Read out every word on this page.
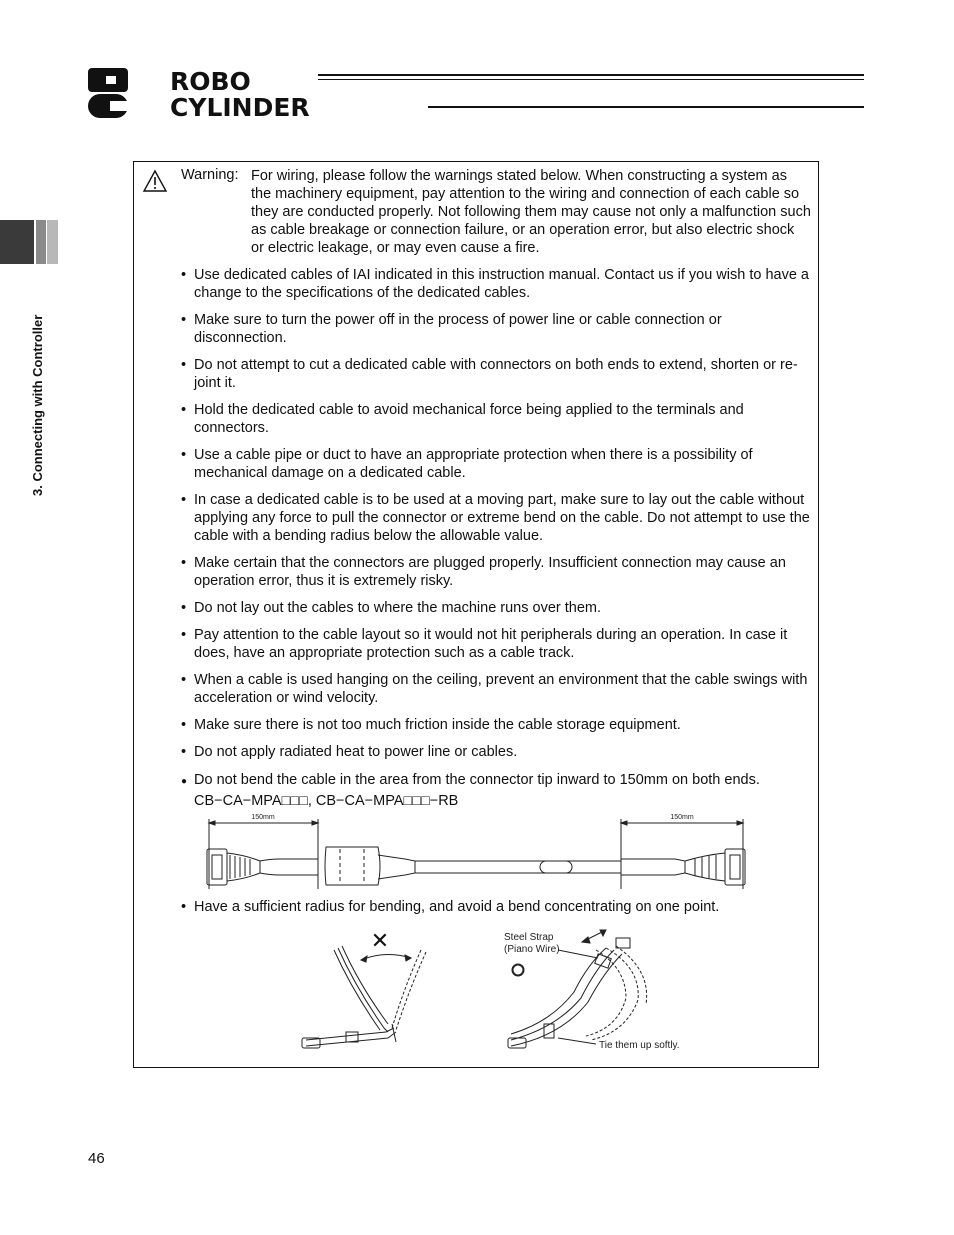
ROBO
CYLINDER
3. Connecting with Controller
Warning: For wiring, please follow the warnings stated below. When constructing a system as the machinery equipment, pay attention to the wiring and connection of each cable so they are conducted properly. Not following them may cause not only a malfunction such as cable breakage or connection failure, or an operation error, but also electric shock or electric leakage, or may even cause a fire.
• Use dedicated cables of IAI indicated in this instruction manual. Contact us if you wish to have a change to the specifications of the dedicated cables.
• Make sure to turn the power off in the process of power line or cable connection or disconnection.
• Do not attempt to cut a dedicated cable with connectors on both ends to extend, shorten or re-joint it.
• Hold the dedicated cable to avoid mechanical force being applied to the terminals and connectors.
• Use a cable pipe or duct to have an appropriate protection when there is a possibility of mechanical damage on a dedicated cable.
• In case a dedicated cable is to be used at a moving part, make sure to lay out the cable without applying any force to pull the connector or extreme bend on the cable. Do not attempt to use the cable with a bending radius below the allowable value.
• Make certain that the connectors are plugged properly. Insufficient connection may cause an operation error, thus it is extremely risky.
• Do not lay out the cables to where the machine runs over them.
• Pay attention to the cable layout so it would not hit peripherals during an operation. In case it does, have an appropriate protection such as a cable track.
• When a cable is used hanging on the ceiling, prevent an environment that the cable swings with acceleration or wind velocity.
• Make sure there is not too much friction inside the cable storage equipment.
• Do not apply radiated heat to power line or cables.
● Do not bend the cable in the area from the connector tip inward to 150mm on both ends.
CB−CA−MPA□□□, CB−CA−MPA□□□−RB
150mm	150mm
• Have a sufficient radius for bending, and avoid a bend concentrating on one point.
✕	Steel Strap
(Piano Wire)
Tie them up softly.
○
46
